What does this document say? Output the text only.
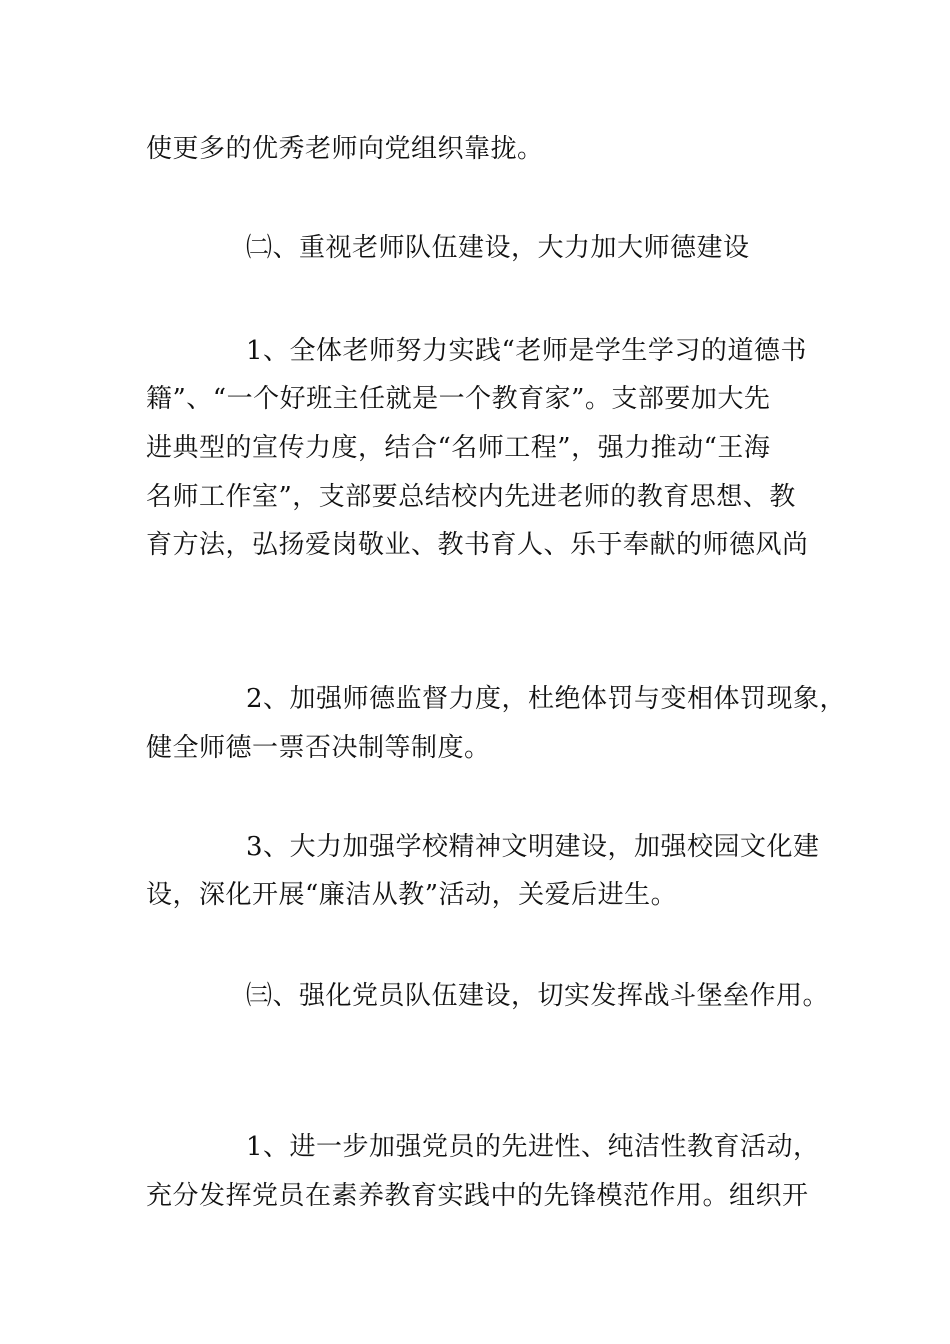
使更多的优秀老师向党组织靠拢。
㈡、重视老师队伍建设，大力加大师德建设
1、全体老师努力实践“老师是学生学习的道德书
籍”、“一个好班主任就是一个教育家”。支部要加大先
进典型的宣传力度，结合“名师工程”，强力推动“王海
名师工作室”，支部要总结校内先进老师的教育思想、教
育方法，弘扬爱岗敬业、教书育人、乐于奉献的师德风尚
2、加强师德监督力度，杜绝体罚与变相体罚现象，
健全师德一票否决制等制度。
3、大力加强学校精神文明建设，加强校园文化建
设，深化开展“廉洁从教”活动，关爱后进生。
㈢、强化党员队伍建设，切实发挥战斗堡垒作用。
1、进一步加强党员的先进性、纯洁性教育活动，
充分发挥党员在素养教育实践中的先锋模范作用。组织开
